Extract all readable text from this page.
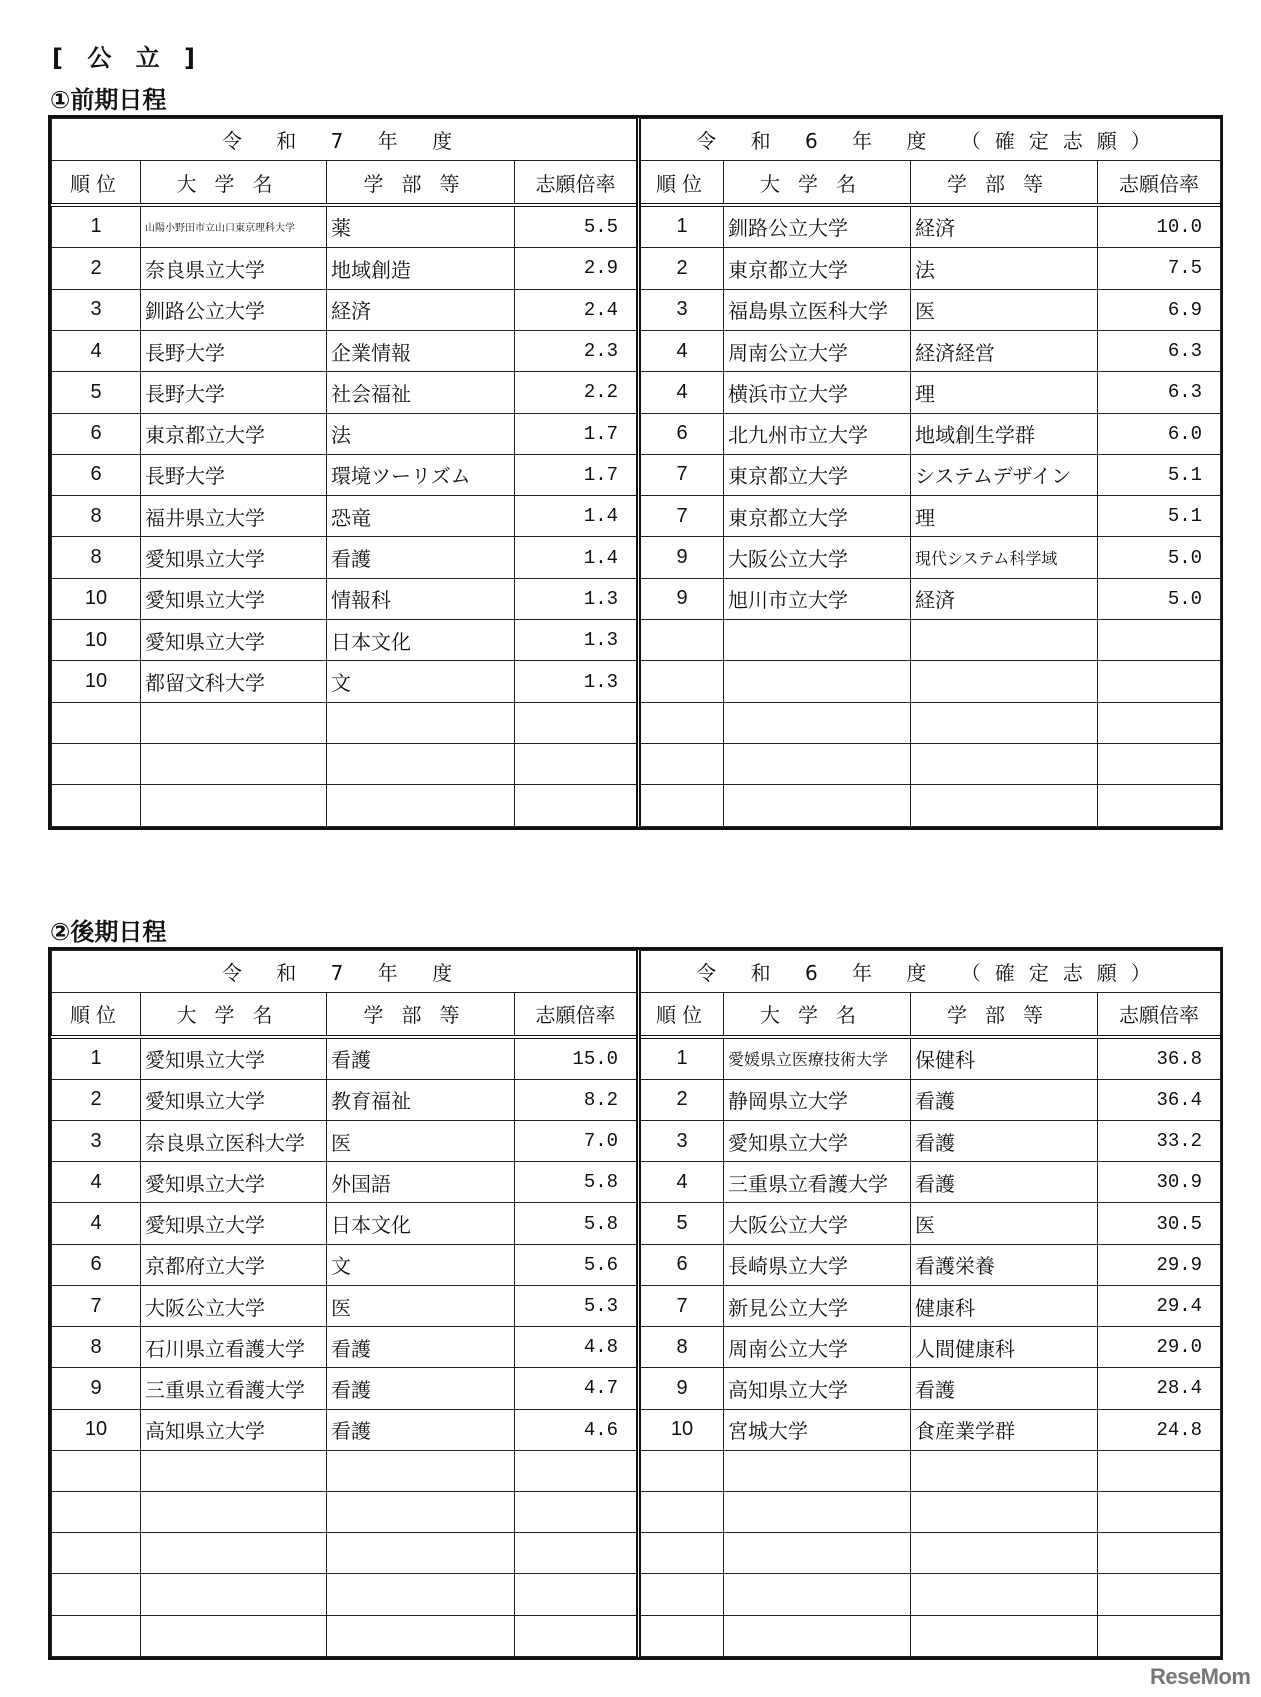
[ 公 立 ]
①前期日程
令 和 7 年 度				令 和 6 年 度 （確定志願）			
順位	大学名	学部等	志願倍率	順位	大学名	学部等	志願倍率
1	山陽小野田市立山口東京理科大学	薬	5.5	1	釧路公立大学	経済	10.0
2	奈良県立大学	地域創造	2.9	2	東京都立大学	法	7.5
3	釧路公立大学	経済	2.4	3	福島県立医科大学	医	6.9
4	長野大学	企業情報	2.3	4	周南公立大学	経済経営	6.3
5	長野大学	社会福祉	2.2	4	横浜市立大学	理	6.3
6	東京都立大学	法	1.7	6	北九州市立大学	地域創生学群	6.0
6	長野大学	環境ツーリズム	1.7	7	東京都立大学	システムデザイン	5.1
8	福井県立大学	恐竜	1.4	7	東京都立大学	理	5.1
8	愛知県立大学	看護	1.4	9	大阪公立大学	現代システム科学域	5.0
10	愛知県立大学	情報科	1.3	9	旭川市立大学	経済	5.0
10	愛知県立大学	日本文化	1.3				
10	都留文科大学	文	1.3				

②後期日程
令 和 7 年 度				令 和 6 年 度 （確定志願）			
順位	大学名	学部等	志願倍率	順位	大学名	学部等	志願倍率
1	愛知県立大学	看護	15.0	1	愛媛県立医療技術大学	保健科	36.8
2	愛知県立大学	教育福祉	8.2	2	静岡県立大学	看護	36.4
3	奈良県立医科大学	医	7.0	3	愛知県立大学	看護	33.2
4	愛知県立大学	外国語	5.8	4	三重県立看護大学	看護	30.9
4	愛知県立大学	日本文化	5.8	5	大阪公立大学	医	30.5
6	京都府立大学	文	5.6	6	長崎県立大学	看護栄養	29.9
7	大阪公立大学	医	5.3	7	新見公立大学	健康科	29.4
8	石川県立看護大学	看護	4.8	8	周南公立大学	人間健康科	29.0
9	三重県立看護大学	看護	4.7	9	高知県立大学	看護	28.4
10	高知県立大学	看護	4.6	10	宮城大学	食産業学群	24.8

ReseMom
